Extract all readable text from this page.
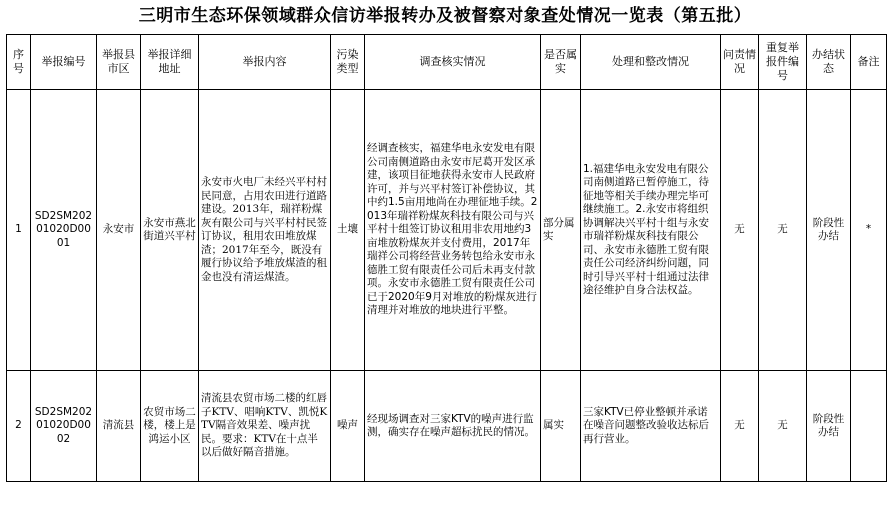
三明市生态环保领域群众信访举报转办及被督察对象查处情况一览表（第五批）
序号	举报编号	举报县市区	举报详细地址	举报内容	污染类型	调查核实情况	是否属实	处理和整改情况	问责情况	重复举报件编号	办结状态	备注
1	SD2SM20201020D0001	永安市	永安市燕北街道兴平村	永安市火电厂未经兴平村村民同意，占用农田进行道路建设。2013年，瑞祥粉煤灰有限公司与兴平村村民签订协议，租用农田堆放煤渣；2017年至今，既没有履行协议给予堆放煤渣的租金也没有清运煤渣。	土壤	经调查核实，福建华电永安发电有限公司南侧道路由永安市尼葛开发区承建，该项目征地获得永安市人民政府许可，并与兴平村签订补偿协议，其中约1.5亩用地尚在办理征地手续。2013年瑞祥粉煤灰科技有限公司与兴平村十组签订协议租用非农用地约3亩堆放粉煤灰并支付费用，2017年瑞祥公司将经营业务转包给永安市永德胜工贸有限责任公司后未再支付款项。永安市永德胜工贸有限责任公司已于2020年9月对堆放的粉煤灰进行清理并对堆放的地块进行平整。	部分属实	1.福建华电永安发电有限公司南侧道路已暂停施工，待征地等相关手续办理完毕可继续施工。2.永安市将组织协调解决兴平村十组与永安市瑞祥粉煤灰科技有限公司、永安市永德胜工贸有限责任公司经济纠纷问题，同时引导兴平村十组通过法律途径维护自身合法权益。	无	无	阶段性办结	*
2	SD2SM20201020D0002	清流县	农贸市场二楼，楼上是鸿运小区	清流县农贸市场二楼的红唇子KTV、唱响KTV、凯悦KTV隔音效果差、噪声扰民。要求：KTV在十点半以后做好隔音措施。	噪声	经现场调查对三家KTV的噪声进行监测，确实存在噪声超标扰民的情况。	属实	三家KTV已停业整顿并承诺在噪音问题整改验收达标后再行营业。	无	无	阶段性办结	
